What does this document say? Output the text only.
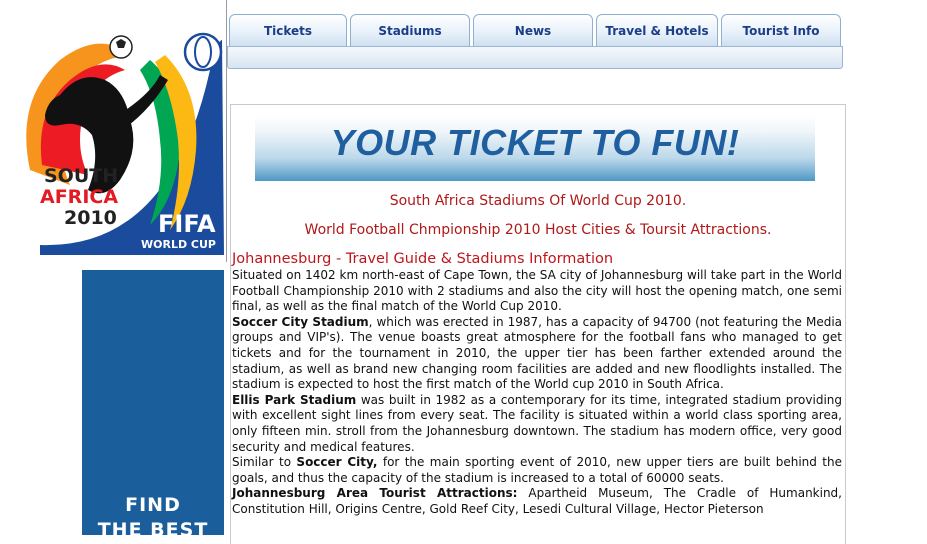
SOUTH
AFRICA
2010 FIFA
WORLD CUP
FIND
THE BEST
Tickets	Stadiums	News	Travel & Hotels	Tourist Info
YOUR TICKET TO FUN!
South Africa Stadiums Of World Cup 2010.
World Football Chmpionship 2010 Host Cities & Toursit Attractions.
Johannesburg - Travel Guide & Stadiums Information

Situated on 1402 km north-east of Cape Town, the SA city of Johannesburg will take part in the World Football Championship 2010 with 2 stadiums and also the city will host the opening match, one semi final, as well as the final match of the World Cup 2010.

Soccer City Stadium, which was erected in 1987, has a capacity of 94700 (not featuring the Media groups and VIP's). The venue boasts great atmosphere for the football fans who managed to get tickets and for the tournament in 2010, the upper tier has been farther extended around the stadium, as well as brand new changing room facilities are added and new floodlights installed. The stadium is expected to host the first match of the World cup 2010 in South Africa.

Ellis Park Stadium was built in 1982 as a contemporary for its time, integrated stadium providing with excellent sight lines from every seat. The facility is situated within a world class sporting area, only fifteen min. stroll from the Johannesburg downtown. The stadium has modern office, very good security and medical features.

Similar to Soccer City, for the main sporting event of 2010, new upper tiers are built behind the goals, and thus the capacity of the stadium is increased to a total of 60000 seats.

Johannesburg Area Tourist Attractions: Apartheid Museum, The Cradle of Humankind, Constitution Hill, Origins Centre, Gold Reef City, Lesedi Cultural Village, Hector Pieterson
